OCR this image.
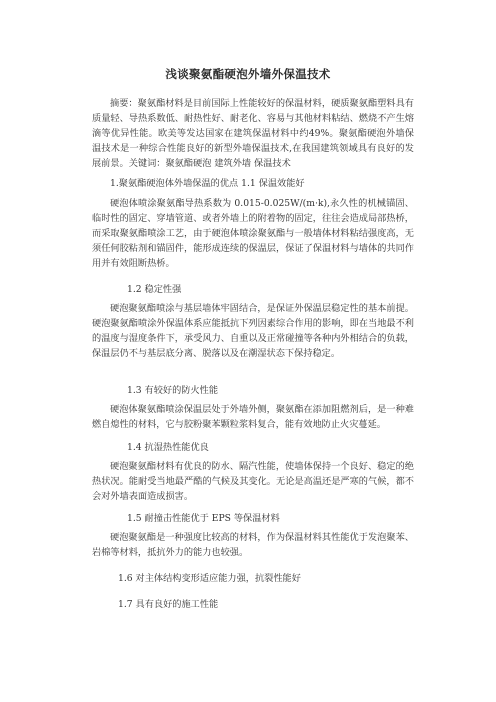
浅谈聚氨酯硬泡外墙外保温技术

摘要：聚氨酯材料是目前国际上性能较好的保温材料，硬质聚氨酯塑料具有质量轻、导热系数低、耐热性好、耐老化、容易与其他材料粘结、燃烧不产生熔滴等优异性能。欧美等发达国家在建筑保温材料中约49%。聚氨酯硬泡外墙保温技术是一种综合性能良好的新型外墙保温技术,在我国建筑领域具有良好的发展前景。关键词：聚氨酯硬泡 建筑外墙 保温技术

1.聚氨酯硬泡体外墙保温的优点 1.1 保温效能好

硬泡体喷涂聚氨酯导热系数为 0.015-0.025W/(m·k),永久性的机械锚固、临时性的固定、穿墙管道、或者外墙上的附着物的固定，往往会造成局部热桥，而采取聚氨酯喷涂工艺，由于硬泡体喷涂聚氨酯与一般墙体材料粘结强度高，无须任何胶粘剂和锚固件，能形成连续的保温层，保证了保温材料与墙体的共同作用并有效阻断热桥。

1.2 稳定性强

硬泡聚氨酯喷涂与基层墙体牢固结合，是保证外保温层稳定性的基本前提。硬泡聚氨酯喷涂外保温体系应能抵抗下列因素综合作用的影响，即在当地最不利的温度与湿度条件下，承受风力、自重以及正常碰撞等各种内外相结合的负载，保温层仍不与基层底分离、脱落以及在潮湿状态下保持稳定。

1.3 有较好的防火性能

硬泡体聚氨酯喷涂保温层处于外墙外侧，聚氨酯在添加阻燃剂后，是一种难燃自熄性的材料，它与胶粉聚苯颗粒浆料复合，能有效地防止火灾蔓延。

1.4 抗湿热性能优良

硬泡聚氨酯材料有优良的防水、隔汽性能，使墙体保持一个良好、稳定的绝热状况。能耐受当地最严酷的气候及其变化。无论是高温还是严寒的气候，都不会对外墙表面造成损害。

1.5 耐撞击性能优于 EPS 等保温材料

硬泡聚氨酯是一种强度比较高的材料，作为保温材料其性能优于发泡聚苯、岩棉等材料，抵抗外力的能力也较强。

1.6 对主体结构变形适应能力强，抗裂性能好
1.7 具有良好的施工性能
